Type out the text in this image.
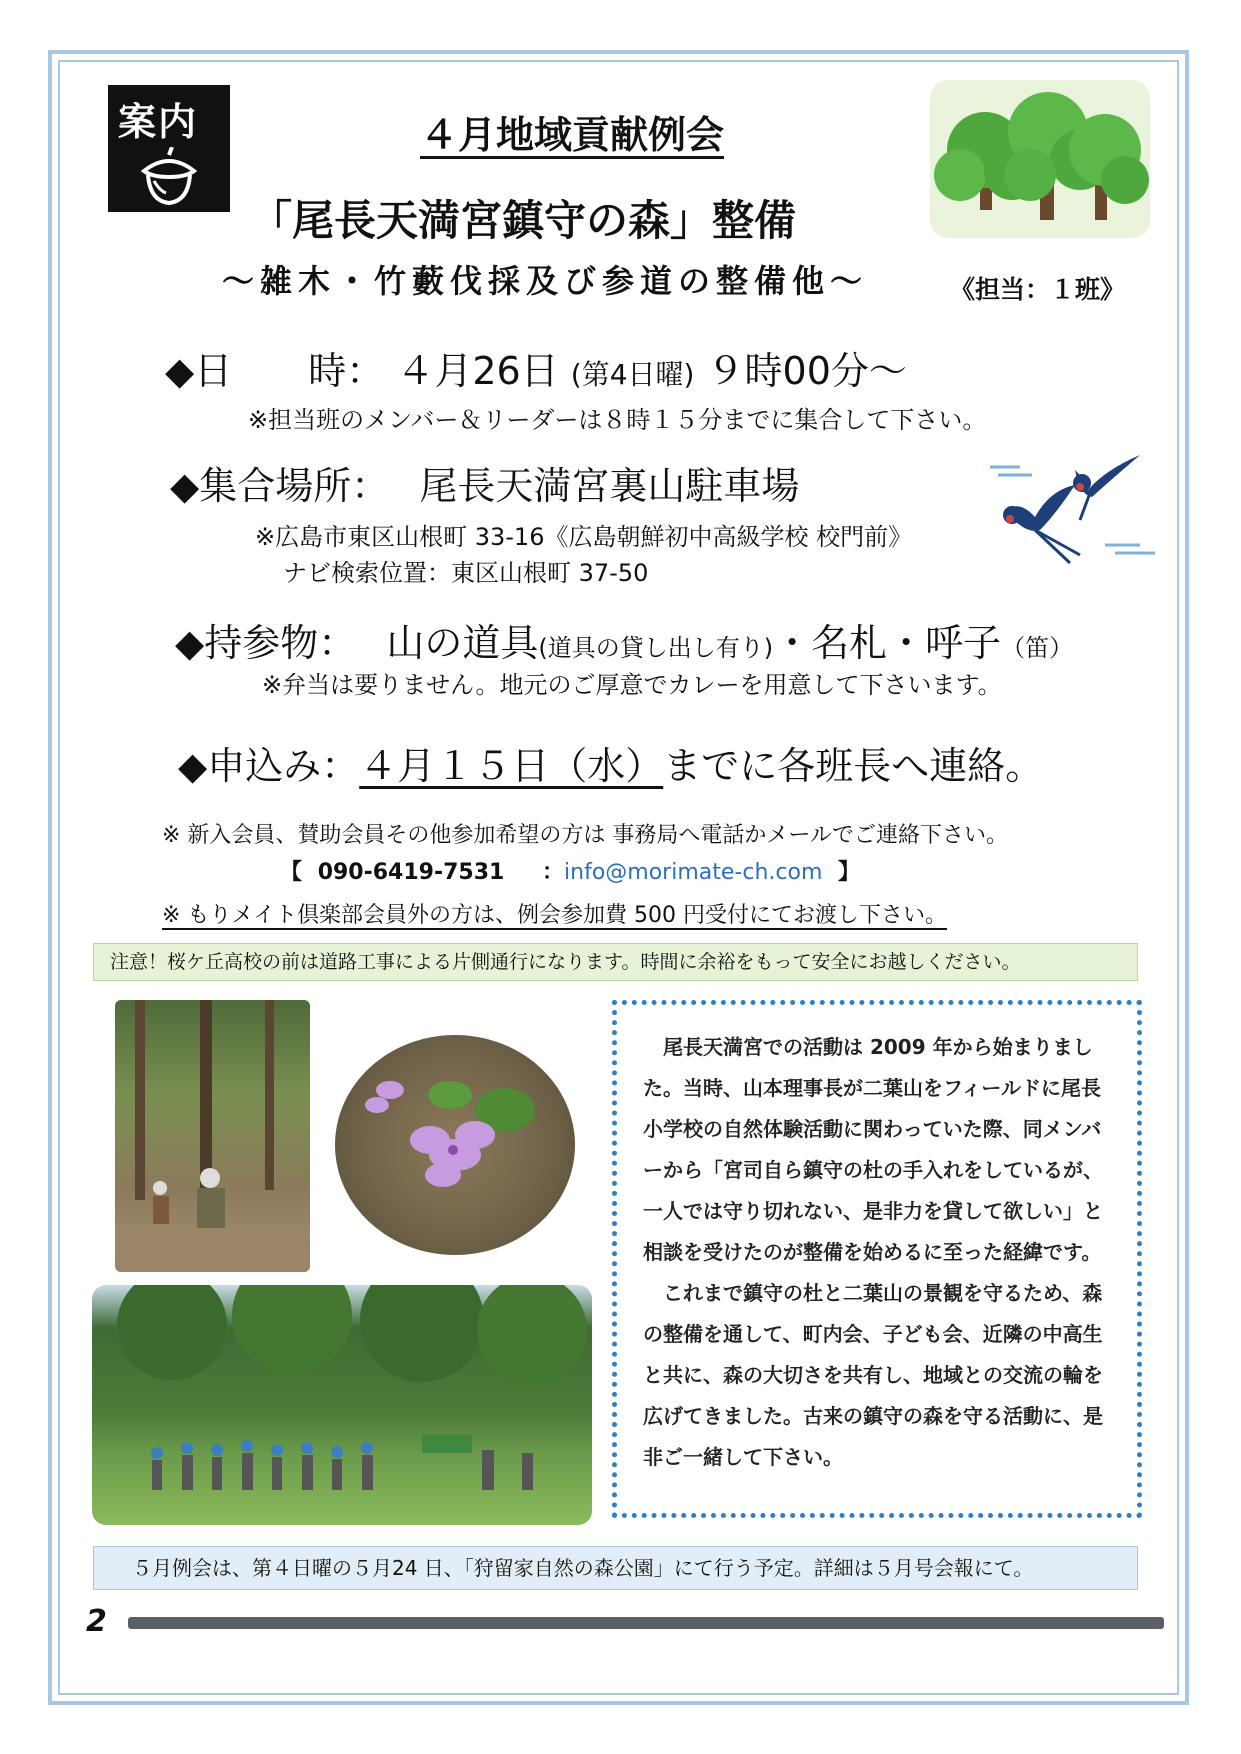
案内	４月地域貢献例会
「尾長天満宮鎮守の森」整備
～雑木・竹藪伐採及び参道の整備他～	《担当：１班》
◆日　　時： ４月26日 (第4日曜) ９時00分～
※担当班のメンバー＆リーダーは８時１５分までに集合して下さい。
◆集合場所： 尾長天満宮裏山駐車場
※広島市東区山根町 33-16《広島朝鮮初中高級学校 校門前》
ナビ検索位置：東区山根町 37-50
◆持参物： 山の道具(道具の貸し出し有り)・名札・呼子（笛）
※弁当は要りません。地元のご厚意でカレーを用意して下さいます。
◆申込み：４月１５日（水）までに各班長へ連絡。
※ 新入会員、賛助会員その他参加希望の方は 事務局へ電話かメールでご連絡下さい。
【 090-6419-7531 ：info@morimate-ch.com 】
※ もりメイト倶楽部会員外の方は、例会参加費 500 円受付にてお渡し下さい。
注意！桜ケ丘高校の前は道路工事による片側通行になります。時間に余裕をもって安全にお越しください。

尾長天満宮での活動は 2009 年から始まりました。当時、山本理事長が二葉山をフィールドに尾長小学校の自然体験活動に関わっていた際、同メンバーから「宮司自ら鎮守の杜の手入れをしているが、一人では守り切れない、是非力を貸して欲しい」と相談を受けたのが整備を始めるに至った経緯です。

これまで鎮守の杜と二葉山の景観を守るため、森の整備を通して、町内会、子ども会、近隣の中高生と共に、森の大切さを共有し、地域との交流の輪を広げてきました。古来の鎮守の森を守る活動に、是非ご一緒して下さい。

５月例会は、第４日曜の５月24 日、「狩留家自然の森公園」にて行う予定。詳細は５月号会報にて。
2
